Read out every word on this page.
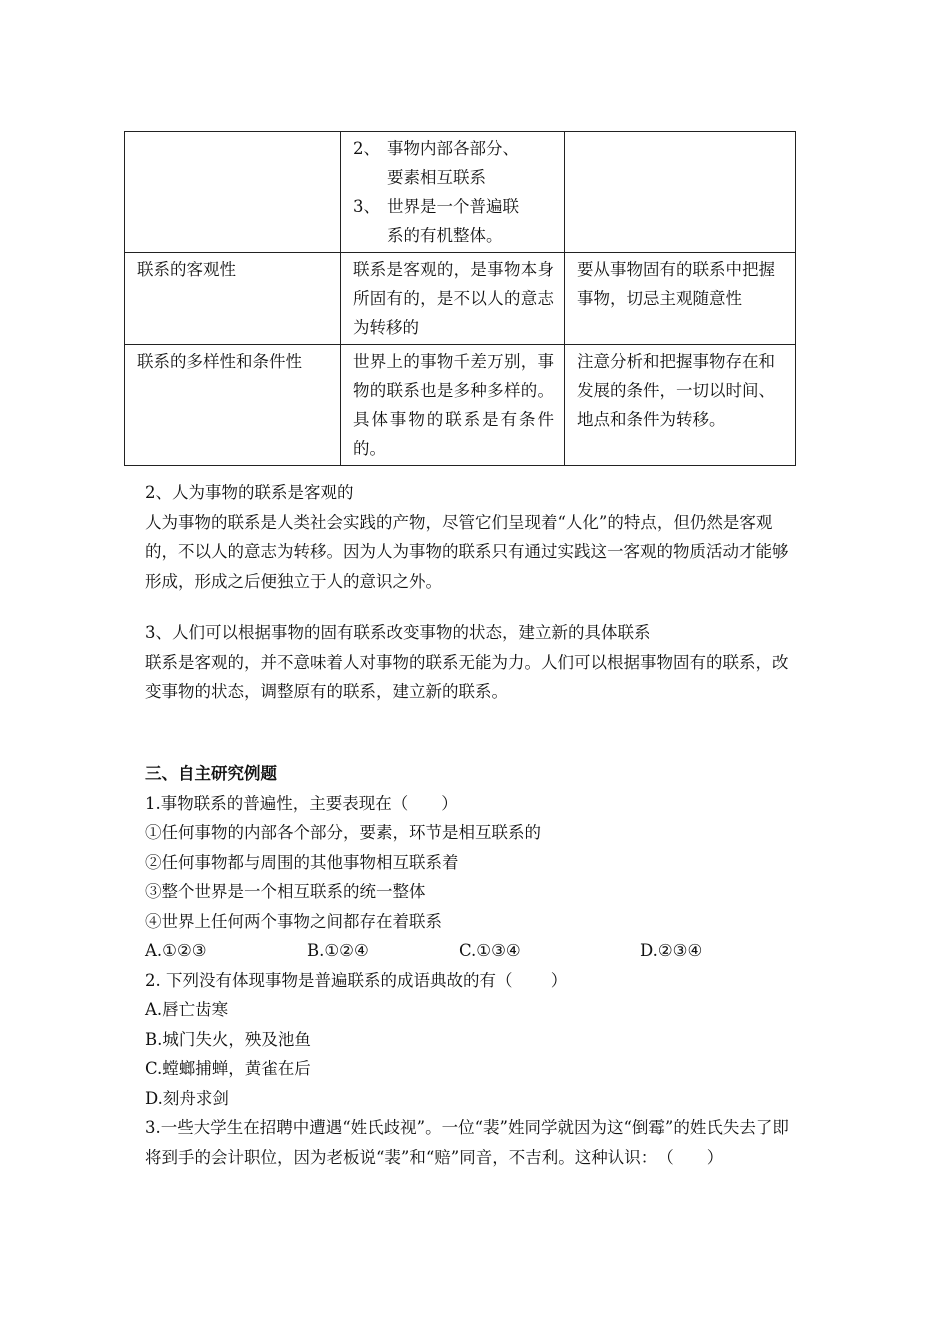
	2、 事物内部各部分、
要素相互联系
3、 世界是一个普遍联
系的有机整体。	

联系的客观性	联系是客观的，是事物本身所固有的，是不以人的意志为转移的	要从事物固有的联系中把握事物，切忌主观随意性
联系的多样性和条件性	世界上的事物千差万别，事物的联系也是多种多样的。具体事物的联系是有条件的。	注意分析和把握事物存在和发展的条件，一切以时间、地点和条件为转移。

2、人为事物的联系是客观的

人为事物的联系是人类社会实践的产物，尽管它们呈现着“人化”的特点，但仍然是客观的，不以人的意志为转移。因为人为事物的联系只有通过实践这一客观的物质活动才能够形成，形成之后便独立于人的意识之外。

3、人们可以根据事物的固有联系改变事物的状态，建立新的具体联系

联系是客观的，并不意味着人对事物的联系无能为力。人们可以根据事物固有的联系，改变事物的状态，调整原有的联系，建立新的联系。

三、自主研究例题

1.事物联系的普遍性，主要表现在（　　）

①任何事物的内部各个部分，要素，环节是相互联系的

②任何事物都与周围的其他事物相互联系着

③整个世界是一个相互联系的统一整体

④世界上任何两个事物之间都存在着联系

A.①②③	B.①②④	C.①③④	D.②③④

2. 下列没有体现事物是普遍联系的成语典故的有（　　 ）

A.唇亡齿寒

B.城门失火，殃及池鱼

C.螳螂捕蝉，黄雀在后

D.刻舟求剑

3.一些大学生在招聘中遭遇“姓氏歧视”。一位“裴”姓同学就因为这“倒霉”的姓氏失去了即将到手的会计职位，因为老板说“裴”和“赔”同音，不吉利。这种认识：　（　　）
